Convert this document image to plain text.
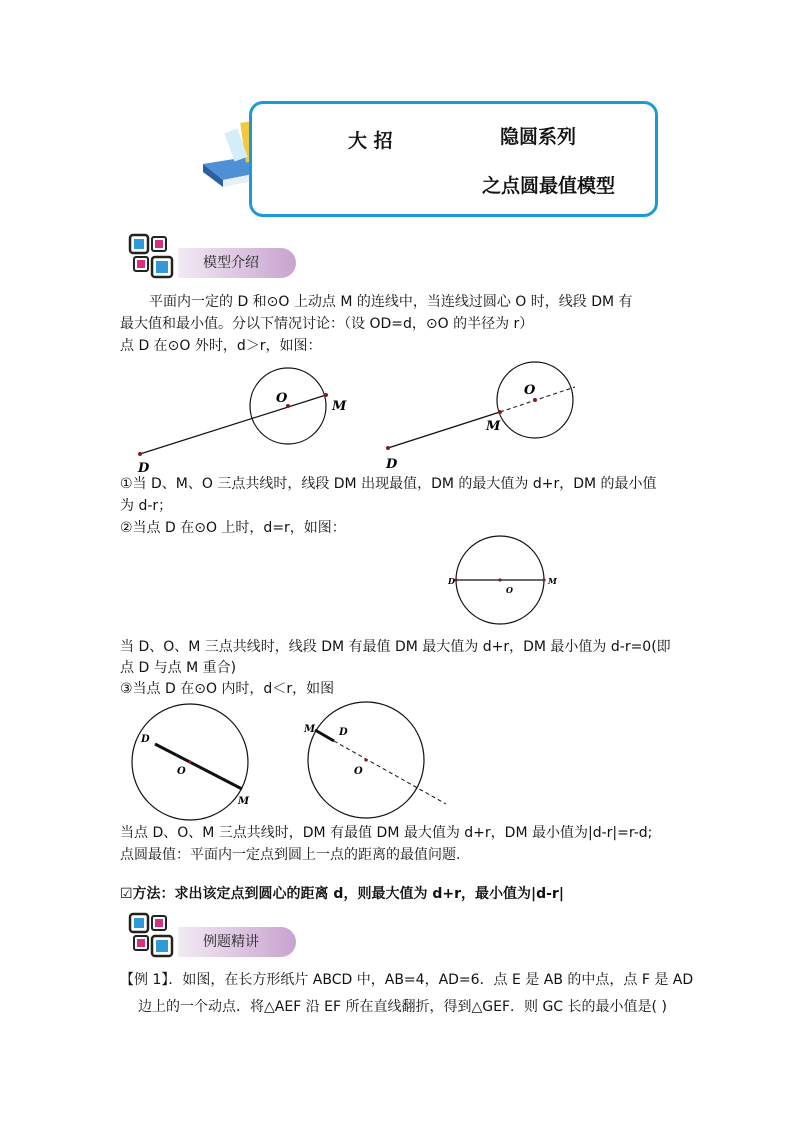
大 招	隐圆系列
之点圆最值模型
模型介绍
平面内一定的 D 和⊙O 上动点 M 的连线中，当连线过圆心 O 时，线段 DM 有
最大值和最小值。分以下情况讨论：（设 OD=d，⊙O 的半径为 r）
点 D 在⊙O 外时，d＞r，如图：
O
M
D
O
M
D
①当 D、M、O 三点共线时，线段 DM 出现最值，DM 的最大值为 d+r，DM 的最小值
为 d-r；
②当点 D 在⊙O 上时，d=r，如图：
D
O
M
当 D、O、M 三点共线时，线段 DM 有最值 DM 最大值为 d+r，DM 最小值为 d-r=0(即
点 D 与点 M 重合)
③当点 D 在⊙O 内时，d＜r，如图
D
O
M
M D
O
当点 D、O、M 三点共线时，DM 有最值 DM 最大值为 d+r，DM 最小值为|d-r|=r-d;
点圆最值：平面内一定点到圆上一点的距离的最值问题.
☑方法：求出该定点到圆心的距离 d，则最大值为 d+r，最小值为|d-r|
例题精讲
【例 1】．如图，在长方形纸片 ABCD 中，AB=4，AD=6．点 E 是 AB 的中点，点 F 是 AD
边上的一个动点．将△AEF 沿 EF 所在直线翻折，得到△GEF．则 GC 长的最小值是( )
